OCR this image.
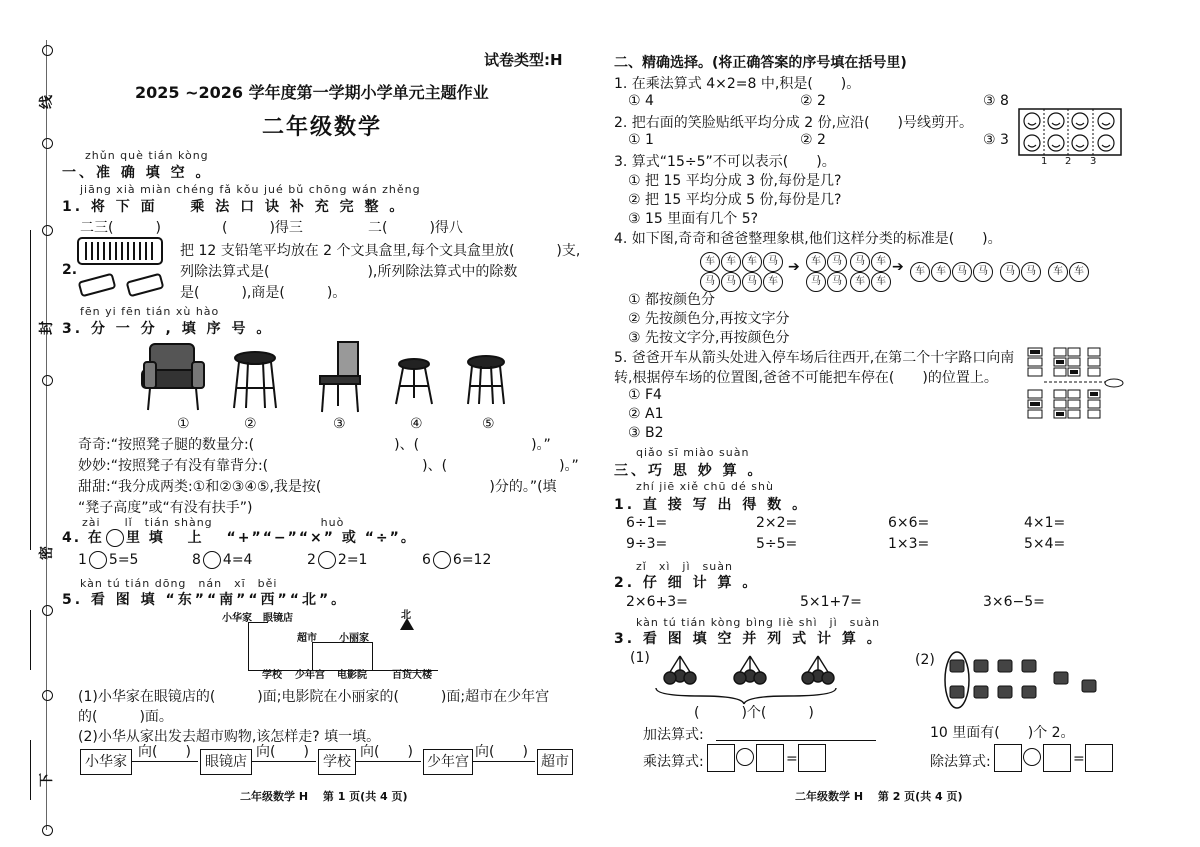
线
封
密
下
试卷类型:H
2025 ~2026 学年度第一学期小学单元主题作业
二年级数学
zhǔn què tián kòng
一、准 确 填 空 。
jiāng xià miàn chéng fǎ kǒu jué bǔ chōng wán zhěng
1. 将 下 面 　 乘 法 口 诀 补 充 完 整 。
二三(　　　)	(　　　)得三	二(　　　)得八
2.
把 12 支铅笔平均放在 2 个文具盒里,每个文具盒里放(　　　)支,
列除法算式是(　　　　　　　),所列除法算式中的除数
是(　　　),商是(　　　)。
fēn yi fēn tián xù hào
3. 分 一 分 , 填 序 号 。
①	②	③	④	⑤
奇奇:“按照凳子腿的数量分:(　　　　　　　　　　)、(　　　　　　　　)。”
妙妙:“按照凳子有没有靠背分:(　　　　　　　　　　　)、(　　　　　　　　)。”
甜甜:“我分成两类:①和②③④⑤,我是按(　　　　　　　　　　　　)分的。”(填
“凳子高度”或“有没有扶手”)
zài　　lǐ　tián shàng　　　　　　　　　huò
4. 在 里 填 　上 　“+”“−”“×” 或 “÷”。
1 5=5	8 4=4	2 2=1	6 6=12
kàn tú tián dōng　nán　xī　běi
5. 看 图 填 “东”“南”“西”“北”。
小华家 眼镜店	北
超市 小丽家
学校 少年宫 电影院	百货大楼
(1)小华家在眼镜店的(　　　)面;电影院在小丽家的(　　　)面;超市在少年宫
的(　　　)面。
(2)小华从家出发去超市购物,该怎样走? 填一填。
小华家	眼镜店	学校	少年宫	超市
向(　　)	向(　　)	向(　　)	向(　　)
二年级数学 H 　第 1 页(共 4 页)
二、精确选择。(将正确答案的序号填在括号里)
1. 在乘法算式 4×2=8 中,积是(　　)。
① 4	② 2	③ 8
2. 把右面的笑脸贴纸平均分成 2 份,应沿(　　)号线剪开。
① 1	② 2	③ 3
1 2 3
3. 算式“15÷5”不可以表示(　　)。
① 把 15 平均分成 3 份,每份是几?
② 把 15 平均分成 5 份,每份是几?
③ 15 里面有几个 5?
4. 如下图,奇奇和爸爸整理象棋,他们这样分类的标准是(　　)。
车 车 车 马
马 马 马 车
➔	车 马
马 马
马 车
车 车
➔	车 车 马 马	马 马	车 车
① 都按颜色分
② 先按颜色分,再按文字分
③ 先按文字分,再按颜色分
5. 爸爸开车从箭头处进入停车场后往西开,在第二个十字路口向南
转,根据停车场的位置图,爸爸不可能把车停在(　　)的位置上。
① F4
② A1
③ B2
qiǎo sī miào suàn
三、巧 思 妙 算 。
zhí jiē xiě chū dé shù
1. 直 接 写 出 得 数 。
6÷1=	2×2=	6×6=	4×1=
9÷3=	5÷5=	1×3=	5×4=
zǐ　xì　jì　suàn
2. 仔 细 计 算 。
2×6+3=	5×1+7=	3×6−5=
kàn tú tián kòng bìng liè shì　jì　suàn
3. 看 图 填 空 并 列 式 计 算 。
(1)
(　　　)个(　　　)
加法算式:
乘法算式:	=
(2)
10 里面有(　　)个 2。
除法算式:	=
二年级数学 H 　第 2 页(共 4 页)
